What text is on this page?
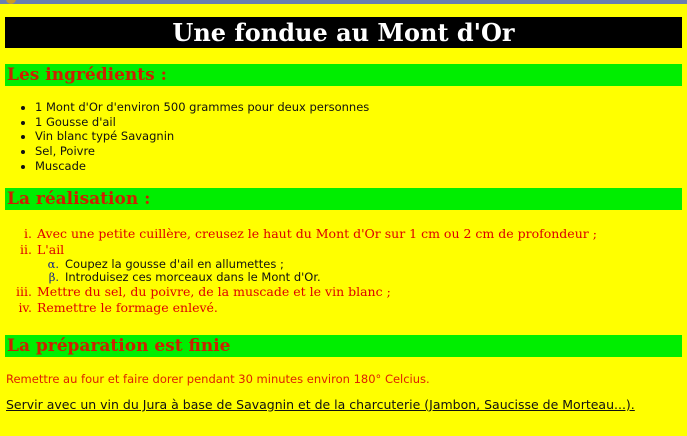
Une fondue au Mont d'Or
Les ingrédients :
• 1 Mont d'Or d'environ 500 grammes pour deux personnes
• 1 Gousse d'ail
• Vin blanc typé Savagnin
• Sel, Poivre
• Muscade
La réalisation :
i. Avec une petite cuillère, creusez le haut du Mont d'Or sur 1 cm ou 2 cm de profondeur ;
ii. L'ail
α. Coupez la gousse d'ail en allumettes ;
β. Introduisez ces morceaux dans le Mont d'Or.
iii. Mettre du sel, du poivre, de la muscade et le vin blanc ;
iv. Remettre le formage enlevé.
La préparation est finie

Remettre au four et faire dorer pendant 30 minutes environ 180° Celcius.

Servir avec un vin du Jura à base de Savagnin et de la charcuterie (Jambon, Saucisse de Morteau...).
